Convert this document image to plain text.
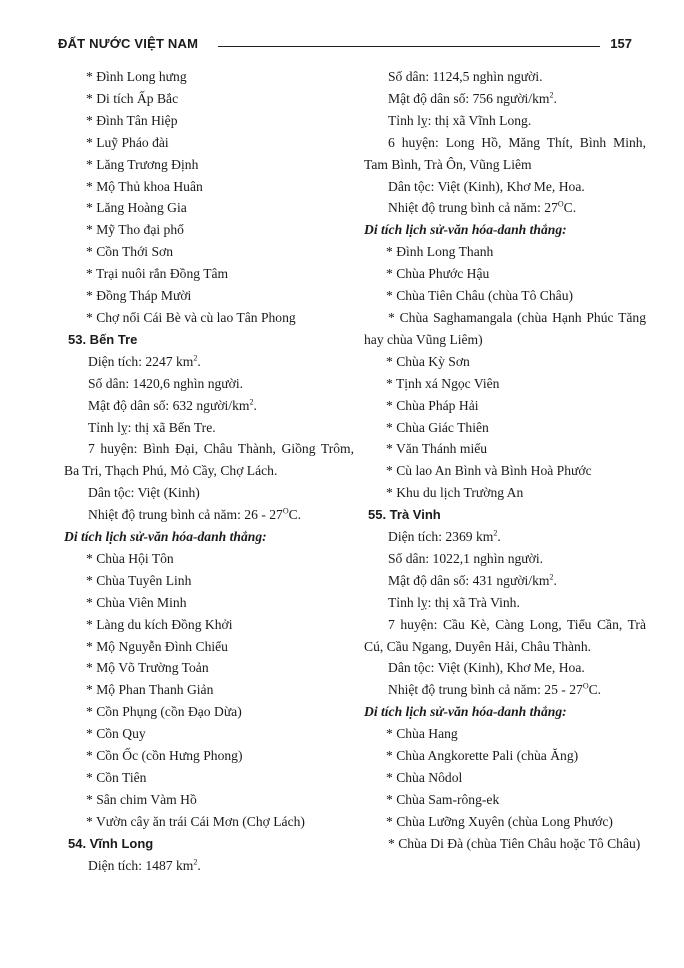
ĐẤT NƯỚC VIỆT NAM	157

* Đình Long hưng

* Di tích Ấp Bắc

* Đình Tân Hiệp

* Luỹ Pháo đài

* Lăng Trương Định

* Mộ Thủ khoa Huân

* Lăng Hoàng Gia

* Mỹ Tho đại phố

* Cồn Thới Sơn

* Trại nuôi rắn Đồng Tâm

* Đồng Tháp Mười

* Chợ nổi Cái Bè và cù lao Tân Phong

53. Bến Tre

Diện tích: 2247 $km^2$.

Số dân: 1420,6 nghìn người.

Mật độ dân số: 632 người/$km^2$.

Tỉnh lỵ: thị xã Bến Tre.

7 huyện: Bình Đại, Châu Thành, Giồng Trôm, Ba Tri, Thạch Phú, Mỏ Cầy, Chợ Lách.

Dân tộc: Việt (Kinh)

Nhiệt độ trung bình cả năm: $26 - 27^OC$.

Di tích lịch sử-văn hóa-danh thắng:

* Chùa Hội Tôn

* Chùa Tuyên Linh

* Chùa Viên Minh

* Làng du kích Đồng Khởi

* Mộ Nguyễn Đình Chiểu

* Mộ Võ Trường Toản

* Mộ Phan Thanh Giản

* Cồn Phụng (cồn Đạo Dừa)

* Cồn Quy

* Cồn Ốc (cồn Hưng Phong)

* Cồn Tiên

* Sân chim Vàm Hồ

* Vườn cây ăn trái Cái Mơn (Chợ Lách)

54. Vĩnh Long

Diện tích: 1487 $km^2$.

Số dân: 1124,5 nghìn người.

Mật độ dân số: 756 người/$km^2$.

Tỉnh lỵ: thị xã Vĩnh Long.

6 huyện: Long Hồ, Măng Thít, Bình Minh, Tam Bình, Trà Ôn, Vũng Liêm

Dân tộc: Việt (Kinh), Khơ Me, Hoa.

Nhiệt độ trung bình cả năm: $27^OC$.

Di tích lịch sử-văn hóa-danh thắng:

* Đình Long Thanh

* Chùa Phước Hậu

* Chùa Tiên Châu (chùa Tô Châu)

* Chùa Saghamangala (chùa Hạnh Phúc Tăng hay chùa Vũng Liêm)

* Chùa Kỳ Sơn

* Tịnh xá Ngọc Viên

* Chùa Pháp Hải

* Chùa Giác Thiên

* Văn Thánh miếu

* Cù lao An Bình và Bình Hoà Phước

* Khu du lịch Trường An

55. Trà Vinh

Diện tích: 2369 $km^2$.

Số dân: 1022,1 nghìn người.

Mật độ dân số: 431 người/$km^2$.

Tỉnh lỵ: thị xã Trà Vinh.

7 huyện: Cầu Kè, Càng Long, Tiểu Cần, Trà Cú, Cầu Ngang, Duyên Hải, Châu Thành.

Dân tộc: Việt (Kinh), Khơ Me, Hoa.

Nhiệt độ trung bình cả năm: $25 - 27^OC$.

Di tích lịch sử-văn hóa-danh thắng:

* Chùa Hang

* Chùa Angkorette Pali (chùa Ăng)

* Chùa Nôdol

* Chùa Sam-rông-ek

* Chùa Lưỡng Xuyên (chùa Long Phước)

* Chùa Di Đà (chùa Tiên Châu hoặc Tô Châu)
